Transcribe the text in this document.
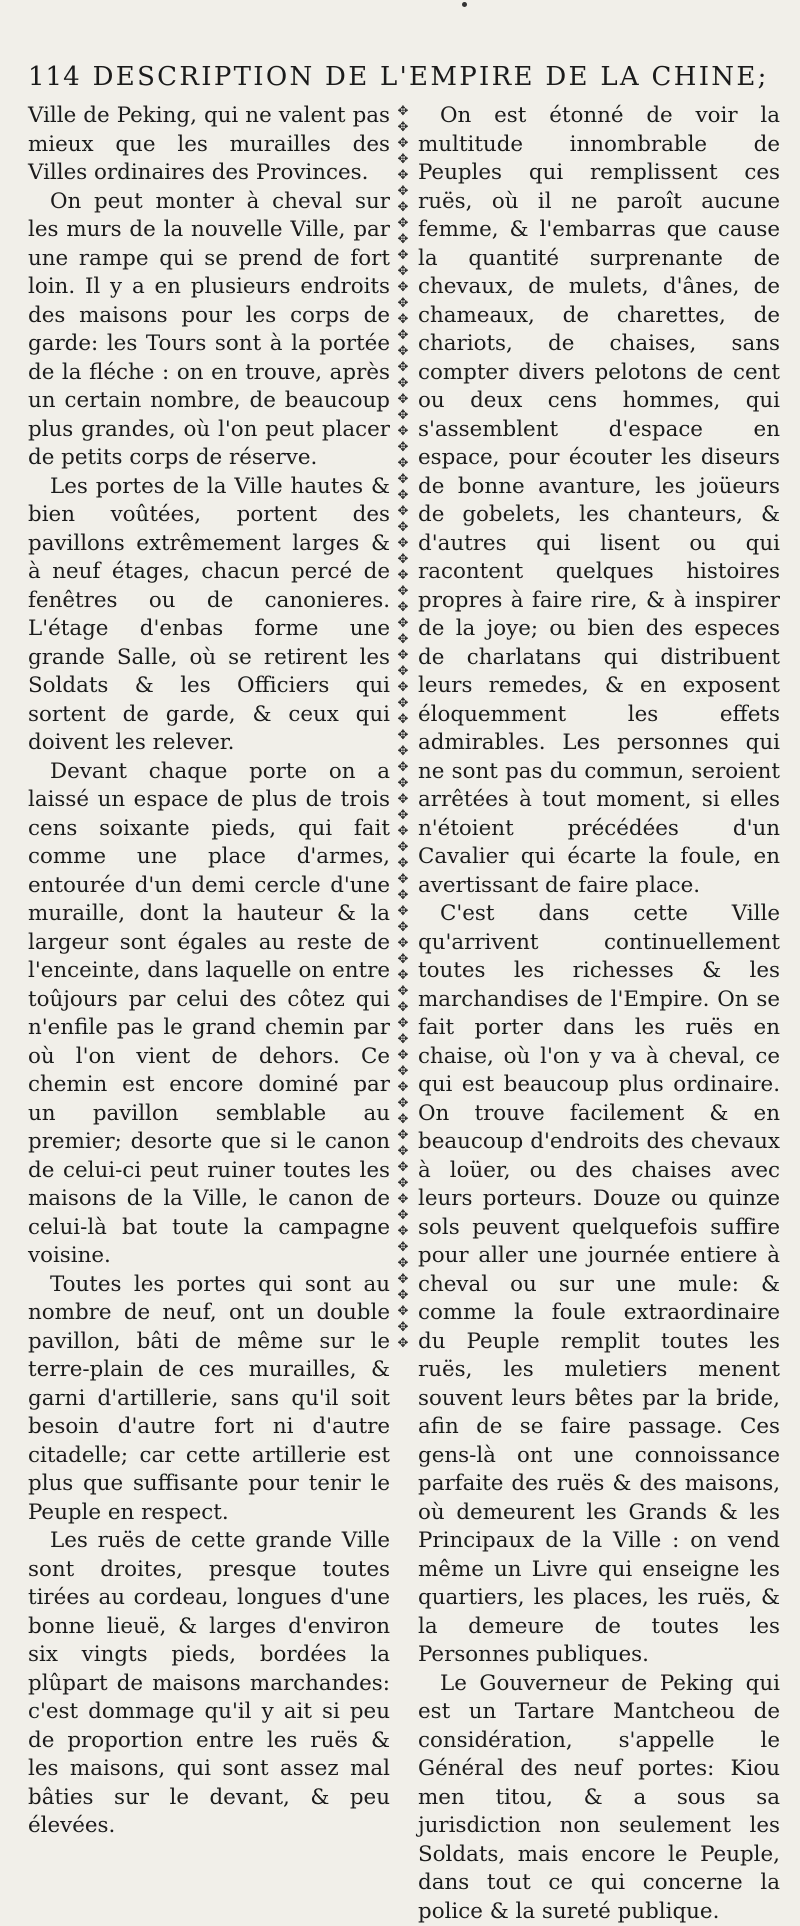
114 DESCRIPTION DE L'EMPIRE DE LA CHINE;

Ville de Peking, qui ne valent pas mieux que les murailles des Villes ordinaires des Provinces.

On peut monter à cheval sur les murs de la nouvelle Ville, par une rampe qui se prend de fort loin. Il y a en plusieurs endroits des maisons pour les corps de garde: les Tours sont à la portée de la fléche : on en trouve, après un certain nombre, de beaucoup plus grandes, où l'on peut placer de petits corps de réserve.

Les portes de la Ville hautes & bien voûtées, portent des pavillons extrêmement larges & à neuf étages, chacun percé de fenêtres ou de canonieres. L'étage d'enbas forme une grande Salle, où se retirent les Soldats & les Officiers qui sortent de garde, & ceux qui doivent les relever.

Devant chaque porte on a laissé un espace de plus de trois cens soixante pieds, qui fait comme une place d'armes, entourée d'un demi cercle d'une muraille, dont la hauteur & la largeur sont égales au reste de l'enceinte, dans laquelle on entre toûjours par celui des côtez qui n'enfile pas le grand chemin par où l'on vient de dehors. Ce chemin est encore dominé par un pavillon semblable au premier; desorte que si le canon de celui-ci peut ruiner toutes les maisons de la Ville, le canon de celui-là bat toute la campagne voisine.

Toutes les portes qui sont au nombre de neuf, ont un double pavillon, bâti de même sur le terre-plain de ces murailles, & garni d'artillerie, sans qu'il soit besoin d'autre fort ni d'autre citadelle; car cette artillerie est plus que suffisante pour tenir le Peuple en respect.

Les ruës de cette grande Ville sont droites, presque toutes tirées au cordeau, longues d'une bonne lieuë, & larges d'environ six vingts pieds, bordées la plûpart de maisons marchandes: c'est dommage qu'il y ait si peu de proportion entre les ruës & les maisons, qui sont assez mal bâties sur le devant, & peu élevées.

✥
✥
✥
✥
✥
✥
✥
✥
✥
✥
✥
✥
✥
✥
✥
✥
✥
✥
✥
✥
✥
✥
✥
✥
✥
✥
✥
✥
✥
✥
✥
✥
✥
✥
✥
✥
✥
✥
✥
✥
✥
✥
✥
✥
✥
✥
✥
✥
✥
✥
✥
✥
✥
✥
✥
✥
✥
✥
✥
✥
✥
✥
✥
✥
✥
✥
✥
✥
✥
✥
✥
✥
✥
✥
✥
✥
✥
✥

On est étonné de voir la multitude innombrable de Peuples qui remplissent ces ruës, où il ne paroît aucune femme, & l'embarras que cause la quantité surprenante de chevaux, de mulets, d'ânes, de chameaux, de charettes, de chariots, de chaises, sans compter divers pelotons de cent ou deux cens hommes, qui s'assemblent d'espace en espace, pour écouter les diseurs de bonne avanture, les joüeurs de gobelets, les chanteurs, & d'autres qui lisent ou qui racontent quelques histoires propres à faire rire, & à inspirer de la joye; ou bien des especes de charlatans qui distribuent leurs remedes, & en exposent éloquemment les effets admirables. Les personnes qui ne sont pas du commun, seroient arrêtées à tout moment, si elles n'étoient précédées d'un Cavalier qui écarte la foule, en avertissant de faire place.

C'est dans cette Ville qu'arrivent continuellement toutes les richesses & les marchandises de l'Empire. On se fait porter dans les ruës en chaise, où l'on y va à cheval, ce qui est beaucoup plus ordinaire. On trouve facilement & en beaucoup d'endroits des chevaux à loüer, ou des chaises avec leurs porteurs. Douze ou quinze sols peuvent quelquefois suffire pour aller une journée entiere à cheval ou sur une mule: & comme la foule extraordinaire du Peuple remplit toutes les ruës, les muletiers menent souvent leurs bêtes par la bride, afin de se faire passage. Ces gens-là ont une connoissance parfaite des ruës & des maisons, où demeurent les Grands & les Principaux de la Ville : on vend même un Livre qui enseigne les quartiers, les places, les ruës, & la demeure de toutes les Personnes publiques.

Le Gouverneur de Peking qui est un Tartare Mantcheou de considération, s'appelle le Général des neuf portes: Kiou men titou, & a sous sa jurisdiction non seulement les Soldats, mais encore le Peuple, dans tout ce qui concerne la police & la sureté publique.
